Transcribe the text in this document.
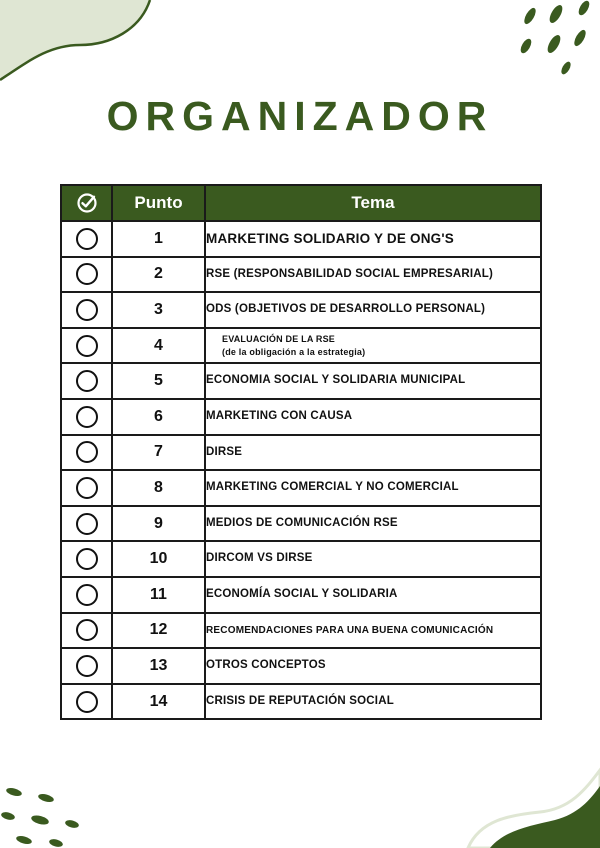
ORGANIZADOR
	Punto	Tema
	1	MARKETING SOLIDARIO Y DE ONG'S
	2	RSE (RESPONSABILIDAD SOCIAL EMPRESARIAL)
	3	ODS (OBJETIVOS DE DESARROLLO PERSONAL)
	4	EVALUACIÓN DE LA RSE
(de la obligación a la estrategia)

	5	ECONOMIA SOCIAL Y SOLIDARIA MUNICIPAL
	6	MARKETING CON CAUSA
	7	DIRSE
	8	MARKETING COMERCIAL Y NO COMERCIAL
	9	MEDIOS DE COMUNICACIÓN RSE
	10	DIRCOM VS DIRSE
	11	ECONOMÍA SOCIAL Y SOLIDARIA
	12	RECOMENDACIONES PARA UNA BUENA COMUNICACIÓN
	13	OTROS CONCEPTOS
	14	CRISIS DE REPUTACIÓN SOCIAL
